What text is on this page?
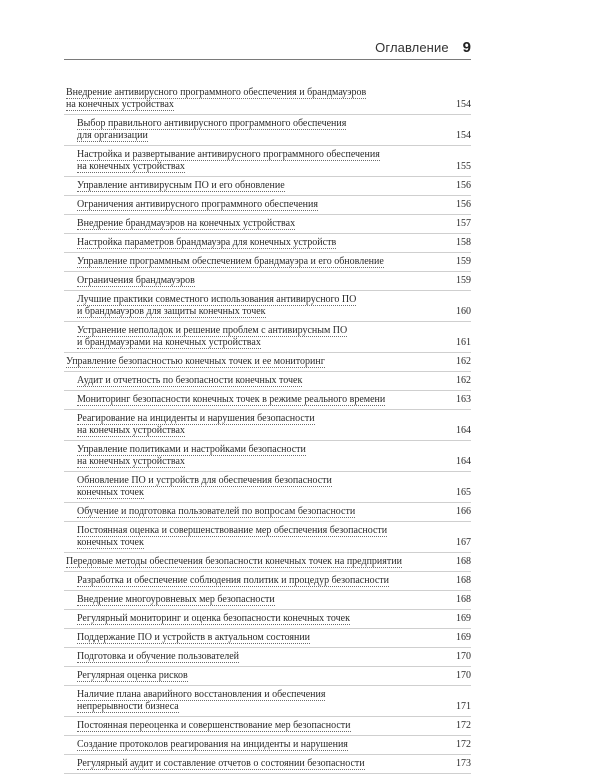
Оглавление 9
Внедрение антивирусного программного обеспечения и брандмауэров
на конечных устройствах	154
Выбор правильного антивирусного программного обеспечения
для организации	154
Настройка и развертывание антивирусного программного обеспечения
на конечных устройствах	155
Управление антивирусным ПО и его обновление	156
Ограничения антивирусного программного обеспечения	156
Внедрение брандмауэров на конечных устройствах	157
Настройка параметров брандмауэра для конечных устройств	158
Управление программным обеспечением брандмауэра и его обновление	159
Ограничения брандмауэров	159
Лучшие практики совместного использования антивирусного ПО
и брандмауэров для защиты конечных точек	160
Устранение неполадок и решение проблем с антивирусным ПО
и брандмауэрами на конечных устройствах	161
Управление безопасностью конечных точек и ее мониторинг	162
Аудит и отчетность по безопасности конечных точек	162
Мониторинг безопасности конечных точек в режиме реального времени	163
Реагирование на инциденты и нарушения безопасности
на конечных устройствах	164
Управление политиками и настройками безопасности
на конечных устройствах	164
Обновление ПО и устройств для обеспечения безопасности
конечных точек	165
Обучение и подготовка пользователей по вопросам безопасности	166
Постоянная оценка и совершенствование мер обеспечения безопасности
конечных точек	167
Передовые методы обеспечения безопасности конечных точек на предприятии	168
Разработка и обеспечение соблюдения политик и процедур безопасности	168
Внедрение многоуровневых мер безопасности	168
Регулярный мониторинг и оценка безопасности конечных точек	169
Поддержание ПО и устройств в актуальном состоянии	169
Подготовка и обучение пользователей	170
Регулярная оценка рисков	170
Наличие плана аварийного восстановления и обеспечения
непрерывности бизнеса	171
Постоянная переоценка и совершенствование мер безопасности	172
Создание протоколов реагирования на инциденты и нарушения	172
Регулярный аудит и составление отчетов о состоянии безопасности	173
